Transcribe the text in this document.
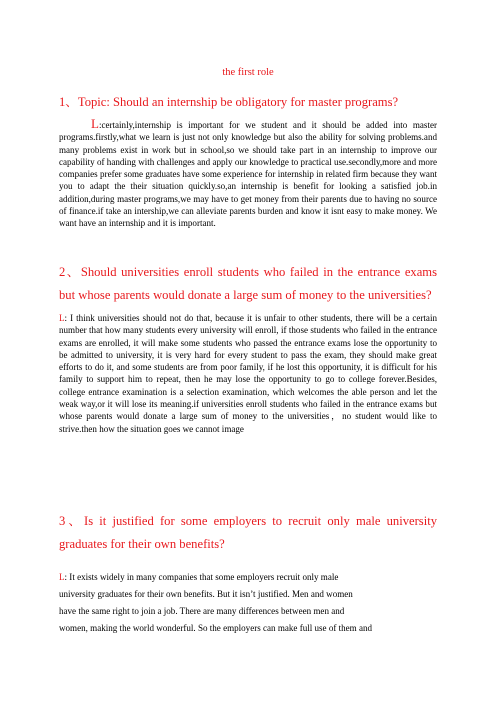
the first role
1、Topic: Should an internship be obligatory for master programs?
L:certainly,internship is important for we student and it should be added into master programs.firstly,what we learn is just not only knowledge but also the ability for solving problems.and many problems exist in work but in school,so we should take part in an internship to improve our capability of handing with challenges and apply our knowledge to practical use.secondly,more and more companies prefer some graduates have some experience for internship in related firm because they want you to adapt the their situation quickly.so,an internship is benefit for looking a satisfied job.in addition,during master programs,we may have to get money from their parents due to having no source of finance.if take an intership,we can alleviate parents burden and know it isnt easy to make money. We want have an internship and it is important.
2、Should universities enroll students who failed in the entrance exams but whose parents would donate a large sum of money to the universities?
L: I think universities should not do that, because it is unfair to other students, there will be a certain number that how many students every university will enroll, if those students who failed in the entrance exams are enrolled, it will make some students who passed the entrance exams lose the opportunity to be admitted to university, it is very hard for every student to pass the exam, they should make great efforts to do it, and some students are from poor family, if he lost this opportunity, it is difficult for his family to support him to repeat, then he may lose the opportunity to go to college forever.Besides, college entrance examination is a selection examination, which welcomes the able person and let the weak way,or it will lose its meaning.if universities enroll students who failed in the entrance exams but whose parents would donate a large sum of money to the universities，no student would like to strive.then how the situation goes we cannot image
3、Is it justified for some employers to recruit only male university graduates for their own benefits?
L: It exists widely in many companies that some employers recruit only male
university graduates for their own benefits. But it isn’t justified. Men and women
have the same right to join a job. There are many differences between men and
women, making the world wonderful. So the employers can make full use of them and
